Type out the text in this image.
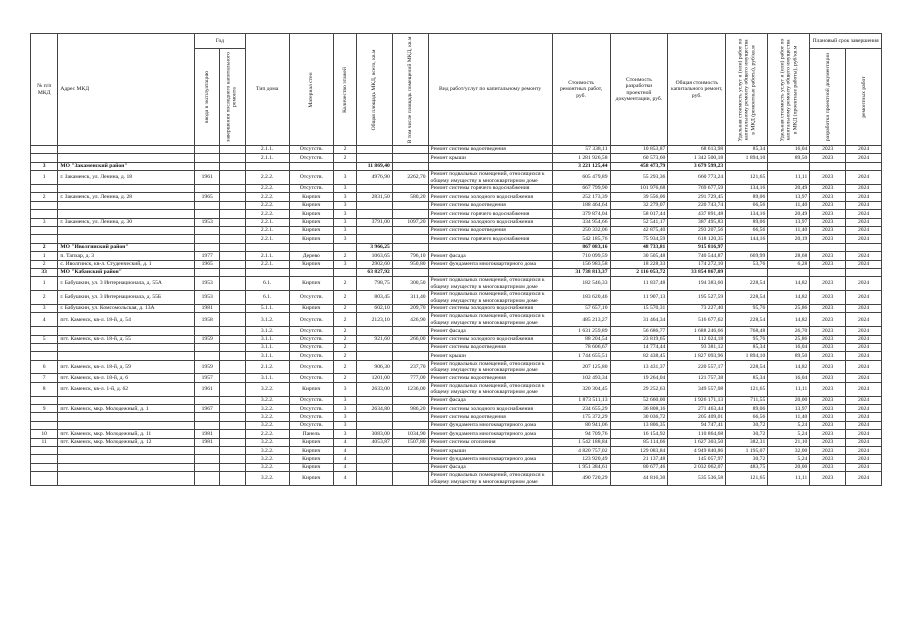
№ п/п МКД	Адрес МКД	Год		Тип дома	Материал стен	Количество этажей	Общая площадь МКД, всего, кв.м	В том числе площадь помещений МКД, кв.м	Вид работ/услуг по капитальному ремонту	Стоимость ремонтных работ, руб.	Стоимость разработки проектной документации, руб.	Общая стоимость капитального ремонт, руб.	Удельная стоимость услуг и (или) работ по капитальному ремонту общего имущества в МКД (ремонтные работы), руб/кв.м	Удельная стоимость услуг и (или) работ по капитальному ремонту общего имущества в МКД (проектные работы), руб/кв.м	Плановый срок завершения	

		ввода в эксплуатацию	завершения последнего капитального ремонта												разработки проектной документации	ремонтных работ

				2.1.1.	Отсутств.	2			Ремонт системы водоотведения	57 338,11	10 853,87	68 613,98	85,34	16,04	2023	2024
				2.1.1.	Отсутств.	2			Ремонт крыши	1 281 926,58	60 573,60	1 342 500,18	1 894,10	89,50	2023	2024
3	МО "Закаменский район"						11 869,40			3 221 125,44	458 473,79	3 679 599,23				
1	г. Закаменск, ул. Ленина, д. 18	1961		2.2.2.	Отсутств.	3	4976,90	2262,70	Ремонт подвальных помещений, относящихся к общему имуществу в многоквартирном доме	605 479,89	55 293,36	660 773,24	121,65	11,11	2023	2024
				2.2.2.	Отсутств.	3			Ремонт системы горячего водоснабжения	667 799,90	101 976,68	769 677,59	134,16	20,49	2023	2024
2	г. Закаменск, ул. Ленина, д. 28	1965		2.2.2.	Кирпич	3	2831,50	580,20	Ремонт системы холодного водоснабжения	252 173,39	39 556,06	291 729,45	89,06	13,97	2023	2024
				2.2.2.	Кирпич	3			Ремонт системы водоотведения	188 464,64	32 279,07	220 743,74	66,56	11,40	2023	2024
				2.2.2.	Кирпич	3			Ремонт системы горячего водоснабжения	379 874,04	58 017,44	437 891,48	134,16	20,49	2023	2024
3	г. Закаменск, ул. Ленина, д. 30	1953		2.2.1.	Кирпич	3	3791,00	1097,20	Ремонт системы холодного водоснабжения	334 954,66	52 541,17	387 495,83	89,06	13,97	2023	2024
				2.2.1.	Кирпич	3			Ремонт системы водоотведения	250 332,06	42 875,40	293 207,56	66,56	11,40	2023	2024
				2.2.1.	Кирпич	3			Ремонт системы горячего водоснабжения	542 185,76	75 934,59	618 120,35	144,16	20,19	2023	2024
2	МО "Иволгинский район"						3 966,25			867 083,16	48 733,81	915 816,97				
1	п. Тапхар, д. 3	1977		2.1.1.	Дерево	2	1063,65	796,10	Ремонт фасада	710 099,59	30 505,48	740 544,87	669,99	28,68	2023	2024
2	с. Иволгинск, кв-л. Студенческий, д. 1	1965		2.2.1.	Кирпич	3	2902,60	950,80	Ремонт фундамента многоквартирного дома	156 983,58	18 228,33	174 272,10	53,76	6,28	2023	2024
33	МО "Кабанский район"						63 827,92			31 738 813,37	2 116 053,72	33 854 867,09				
1	г. Бабушкин, ул. 3 Интернационала, д. 55А	1953		6.1.	Кирпич	2	798,75	300,50	Ремонт подвальных помещений, относящихся к общему имуществу в многоквартирном доме	182 546,33	11 837,48	194 383,60	228,54	14,82	2023	2024
2	г. Бабушкин, ул. 3 Интернационала, д. 55Б	1953		6.1.	Отсутств.	2	803,45	311,40	Ремонт подвальных помещений, относящихся к общему имуществу в многоквартирном доме	183 620,46	11 907,13	195 527,59	228,54	14,82	2023	2024
3	г. Бабушкин, ул. Комсомольская, д. 13А	1981		5.1.1.	Кирпич	2	602,10	209,70	Ремонт системы холодного водоснабжения	57 657,10	15 570,31	73 227,40	95,76	25,86	2023	2024
4	пгт. Каменск, кв-л. 18-й, д. 54	1958		3.1.2.	Отсутств.	2	2123,10	426,90	Ремонт подвальных помещений, относящихся к общему имуществу в многоквартирном доме	485 213,27	31 464,34	516 677,62	228,54	14,82	2023	2024
				3.1.2.	Отсутств.	2			Ремонт фасада	1 631 259,89	56 686,77	1 688 246,66	768,48	26,70	2023	2024
5	пгт. Каменск, кв-л. 18-й, д. 55	1959		3.1.1.	Отсутств.	2	921,60	266,00	Ремонт системы холодного водоснабжения	88 204,54	23 819,65	112 024,18	95,76	25,86	2023	2024
				3.1.1.	Отсутств.	2			Ремонт системы водоотведения	78 606,67	14 774,44	93 381,12	85,34	16,04	2023	2024
				3.1.1.	Отсутств.	2			Ремонт крыши	1 744 655,51	82 438,45	1 827 093,96	1 894,10	89,50	2023	2024
6	пгт. Каменск, кв-л. 18-й, д. 59	1959		2.1.2.	Отсутств.	2	906,30	237,70	Ремонт подвальных помещений, относящихся к общему имуществу в многоквартирном доме	207 125,80	13 431,37	220 557,17	228,54	14,82	2023	2024
7	пгт. Каменск, кв-л. 18-й, д. 6	1957		3.1.1.	Отсутств.	2	1201,00	777,00	Ремонт системы водоотведения	102 493,34	19 264,04	121 757,38	85,34	16,04	2023	2024
8	пгт. Каменск, кв-л. 1-й, д. 62	1961		3.2.2.	Кирпич	3	2633,00	1236,00	Ремонт подвальных помещений, относящихся к общему имуществу в многоквартирном доме	320 304,45	29 252,63	349 557,08	121,65	11,11	2023	2024
				3.2.2.	Отсутств.	3			Ремонт фасада	1 873 511,13	52 660,00	1 926 171,13	711,55	20,00	2023	2024
9	пгт. Каменск, мкр. Молодежный, д. 1	1967		3.2.2.	Отсутств.	3	2634,80	986,20	Ремонт системы холодного водоснабжения	234 655,29	36 808,16	271 463,44	89,06	13,97	2023	2024
				3.2.2.	Отсутств.	3			Ремонт системы водоотведения	175 372,29	30 036,72	205 409,01	66,56	11,40	2023	2024
				3.2.2.	Отсутств.	3			Ремонт фундамента многоквартирного дома	80 941,06	13 806,35	94 747,41	30,72	5,24	2023	2024
10	пгт. Каменск, мкр. Молодежный, д. 11	1981		2.2.2.	Панель	3	3083,00	1034,90	Ремонт фундамента многоквартирного дома	94 709,76	16 154,92	110 864,68	30,72	5,24	2023	2024
11	пгт. Каменск, мкр. Молодежный, д. 12	1981		3.2.2.	Кирпич	4	4053,87	1507,80	Ремонт системы отопления	1 542 188,84	85 114,66	1 627 303,50	382,31	21,10	2023	2024
				3.2.2.	Кирпич	4			Ремонт крыши	4 820 757,02	129 083,84	4 949 840,86	1 195,07	32,00	2023	2024
				3.2.2.	Кирпич	4			Ремонт фундамента многоквартирного дома	123 920,49	21 137,48	145 057,97	30,72	5,24	2023	2024
				3.2.2.	Кирпич	4			Ремонт фасада	1 951 384,61	80 677,46	2 032 062,07	483,75	20,00	2023	2024
				3.2.2.	Кирпич	4			Ремонт подвальных помещений, относящихся к общему имуществу в многоквартирном доме	490 720,29	44 816,30	535 536,58	121,65	11,11	2023	2024
